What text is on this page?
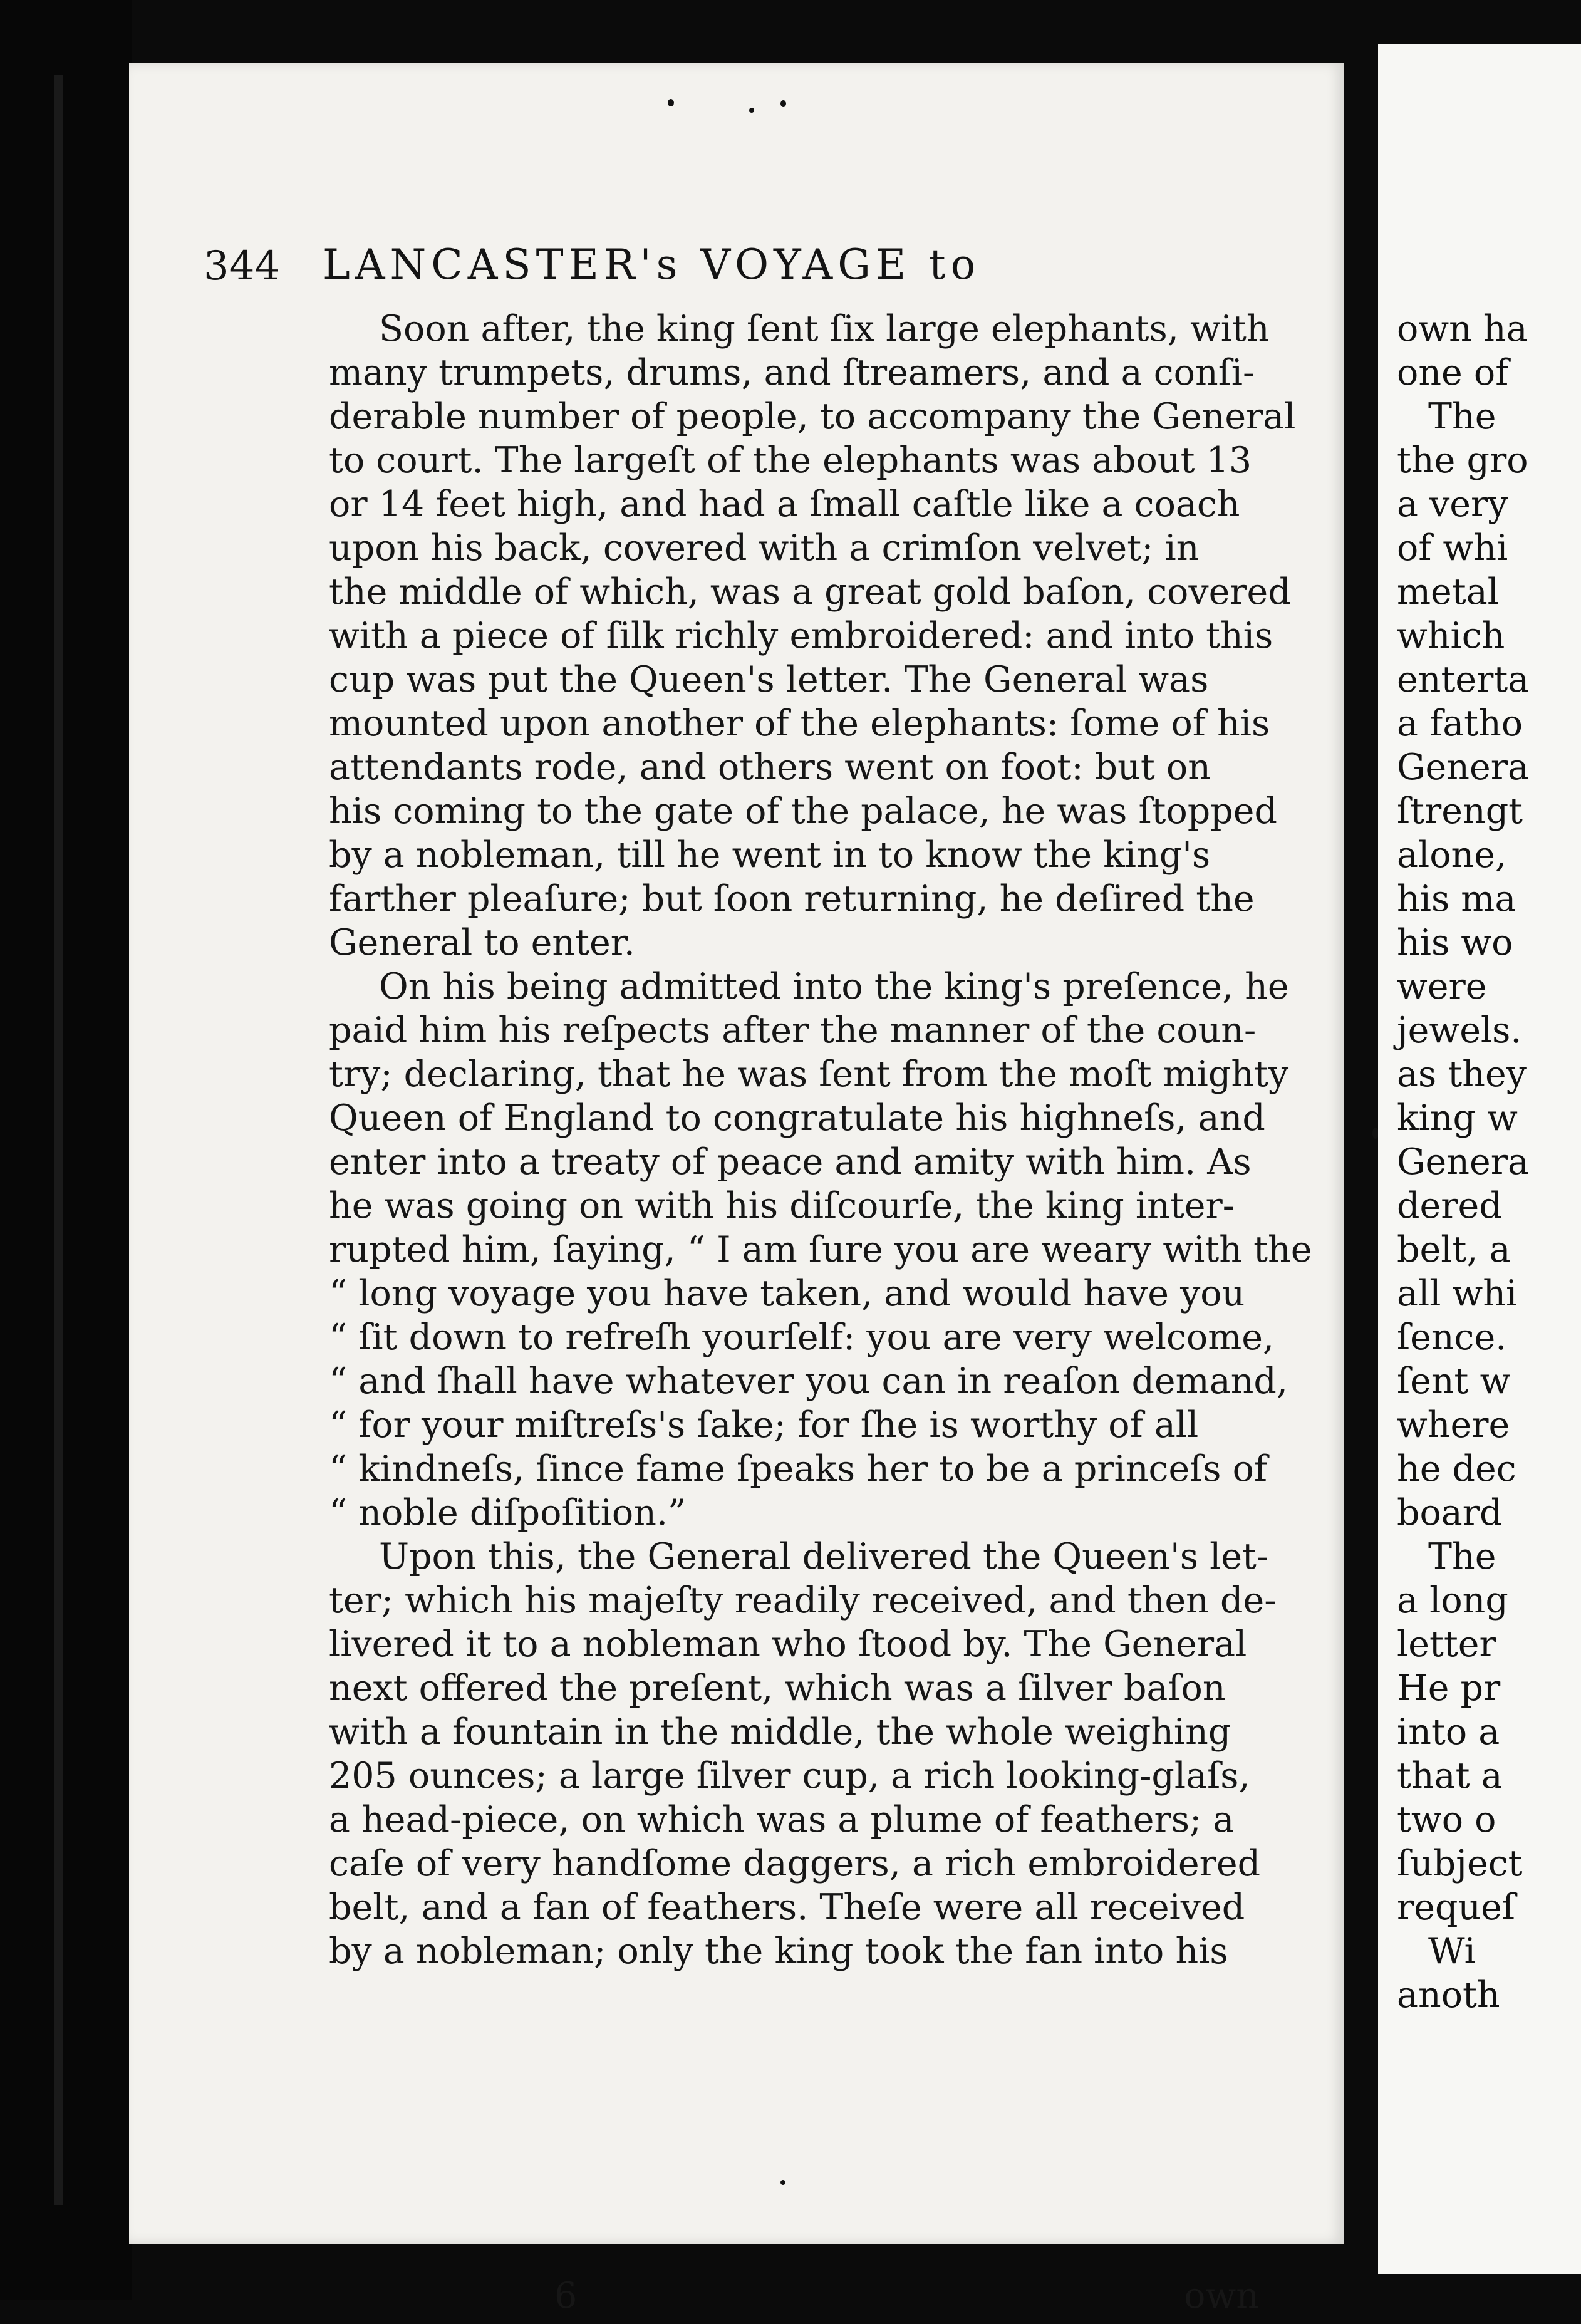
344 LANCASTER's VOYAGE to
Soon after, the king ſent ſix large elephants, with
many trumpets, drums, and ſtreamers, and a conſi-
derable number of people, to accompany the General
to court. The largeſt of the elephants was about 13
or 14 feet high, and had a ſmall caſtle like a coach
upon his back, covered with a crimſon velvet; in
the middle of which, was a great gold baſon, covered
with a piece of ſilk richly embroidered: and into this
cup was put the Queen's letter. The General was
mounted upon another of the elephants: ſome of his
attendants rode, and others went on foot: but on
his coming to the gate of the palace, he was ſtopped
by a nobleman, till he went in to know the king's
farther pleaſure; but ſoon returning, he deſired the
General to enter.
On his being admitted into the king's preſence, he
paid him his reſpects after the manner of the coun-
try; declaring, that he was ſent from the moſt mighty
Queen of England to congratulate his highneſs, and
enter into a treaty of peace and amity with him. As
he was going on with his diſcourſe, the king inter-
rupted him, ſaying, “ I am ſure you are weary with the
“ long voyage you have taken, and would have you
“ ſit down to refreſh yourſelf: you are very welcome,
“ and ſhall have whatever you can in reaſon demand,
“ for your miſtreſs's ſake; for ſhe is worthy of all
“ kindneſs, ſince fame ſpeaks her to be a princeſs of
“ noble diſpoſition.”
Upon this, the General delivered the Queen's let-
ter; which his majeſty readily received, and then de-
livered it to a nobleman who ſtood by. The General
next offered the preſent, which was a ſilver baſon
with a fountain in the middle, the whole weighing
205 ounces; a large ſilver cup, a rich looking-glaſs,
a head-piece, on which was a plume of feathers; a
caſe of very handſome daggers, a rich embroidered
belt, and a fan of feathers. Theſe were all received
by a nobleman; only the king took the fan into his
6	own
own ha
one of
The
the gro
a very
of whi
metal
which
enterta
a fatho
Genera
ſtrengt
alone,
his ma
his wo
were
jewels.
as they
king w
Genera
dered
belt, a
all whi
ſence.
ſent w
where
he dec
board
The
a long
letter
He pr
into a
that a
two o
ſubject
requeſ
Wi
anoth
